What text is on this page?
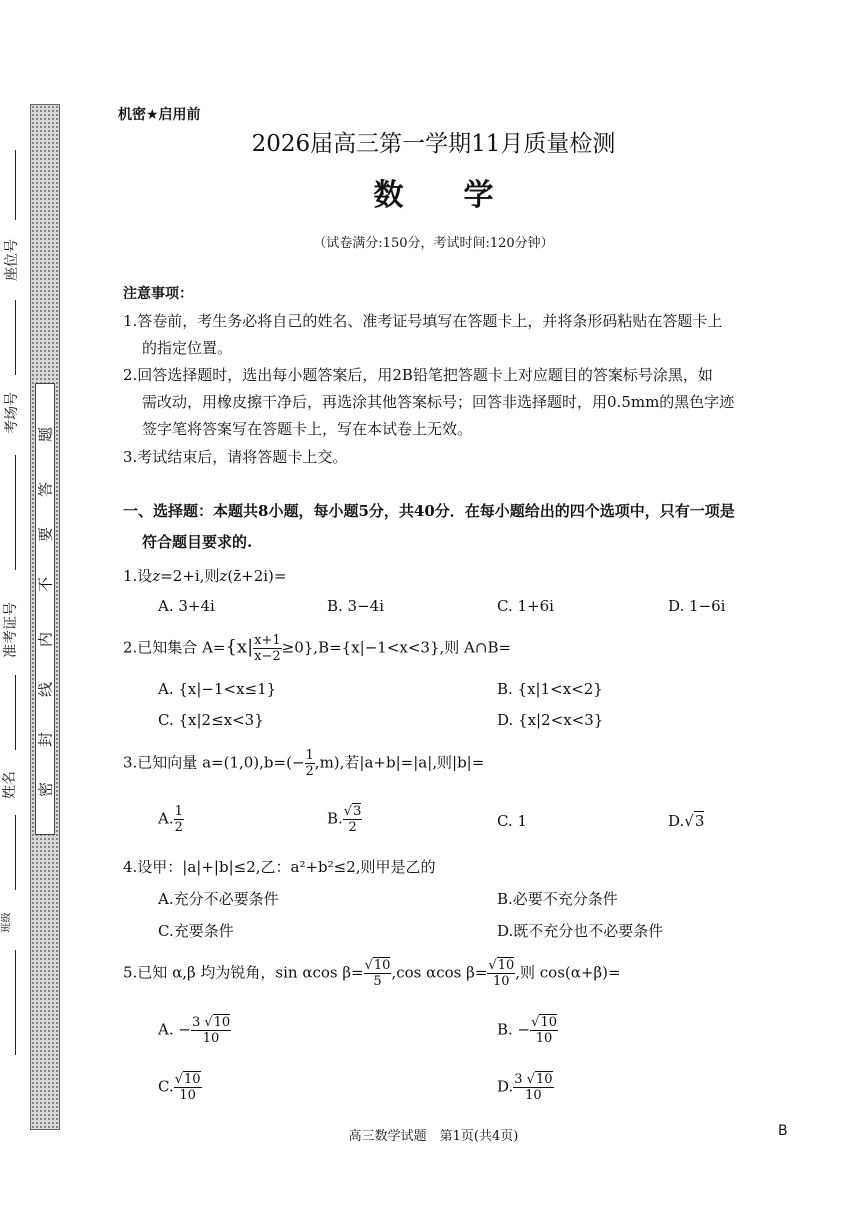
题
答
要
不
内
线
封
密
座位号
考场号
准考证号
姓名
班级
机密★启用前
2026届高三第一学期11月质量检测
数　　学
（试卷满分:150分，考试时间:120分钟）
注意事项：
1.答卷前，考生务必将自己的姓名、准考证号填写在答题卡上，并将条形码粘贴在答题卡上
的指定位置。
2.回答选择题时，选出每小题答案后，用2B铅笔把答题卡上对应题目的答案标号涂黑，如
需改动，用橡皮擦干净后，再选涂其他答案标号；回答非选择题时，用0.5mm的黑色字迹
签字笔将答案写在答题卡上，写在本试卷上无效。
3.考试结束后，请将答题卡上交。
一、选择题：本题共8小题，每小题5分，共40分．在每小题给出的四个选项中，只有一项是
符合题目要求的.
1.设z=2+i,则z(z̄+2i)=
A. 3+4i	B. 3−4i	C. 1+6i	D. 1−6i
2.已知集合 $A=\{x| \frac{x+1}{x-2} \ge 0\},B=\{x|-1<x<3\}$,则 A∩B=
A. {x|−1<x≤1}	B. {x|1<x<2}
C. {x|2≤x<3}	D. {x|2<x<3}
3.已知向量 $a=(1,0),b=(- \frac{1}{2} ,m)$,若|a+b|=|a|,则|b|=
A. $\frac{1}{2}$	B. $\frac{√3}{2}$	C. 1	D.√3
4.设甲：|a|+|b|≤2,乙：a²+b²≤2,则甲是乙的
A.充分不必要条件	B.必要不充分条件
C.充要条件	D.既不充分也不必要条件
5.已知 α,β 均为锐角，sin αcos $\beta= \frac{√10}{5} ,\cos$ αcos $\beta= \frac{√10}{10}$ ,则 cos(α+β)=
A. − $\frac{3 √10}{10}$	B. − $\frac{√10}{10}$
C. $\frac{√10}{10}$	D. $\frac{3 √10}{10}$
高三数学试题　第1页(共4页)	B
